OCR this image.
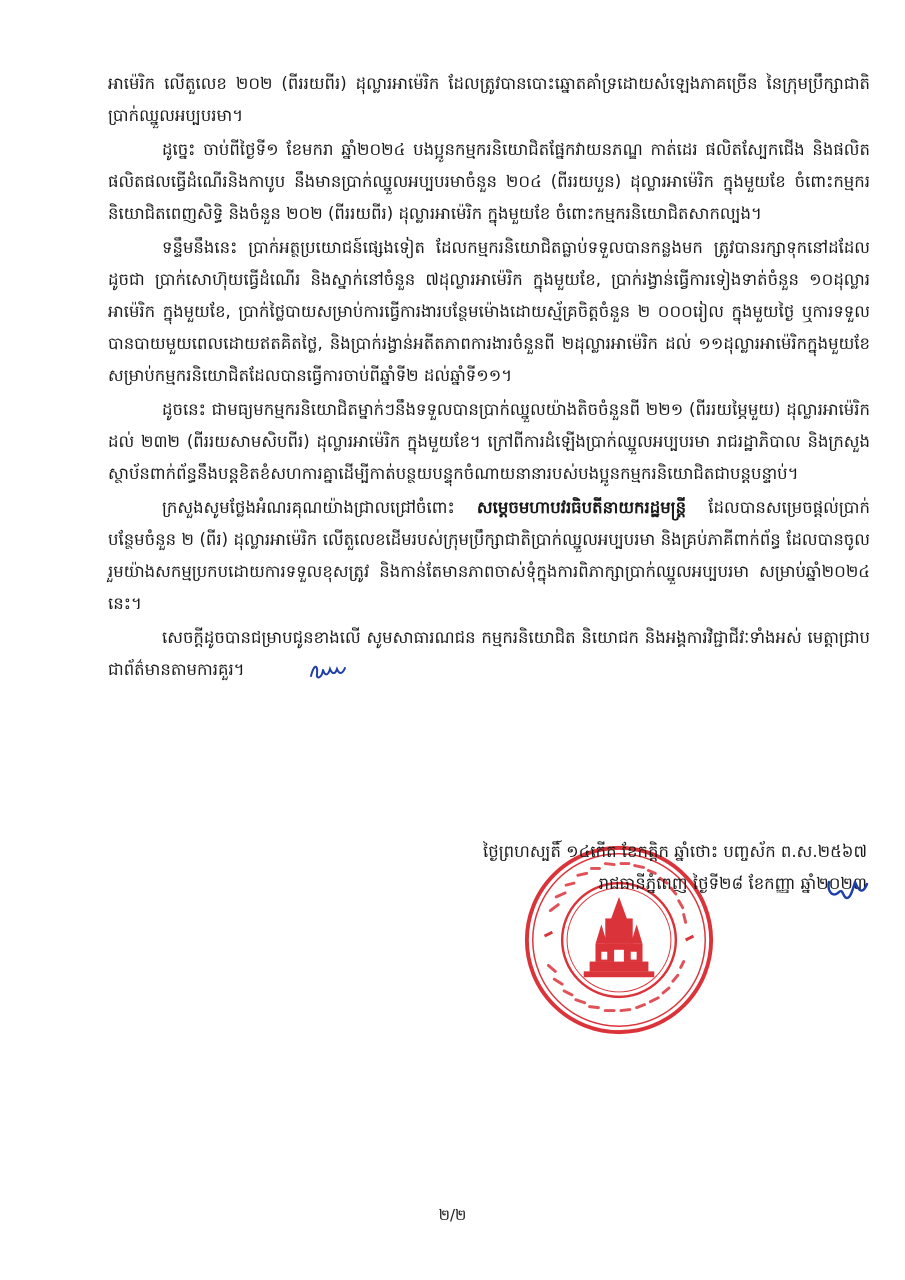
អាម៉េរិក លើតួលេខ ២០២ (ពីររយពីរ) ដុល្លារអាម៉េរិក ដែលត្រូវបានបោះឆ្នោតគាំទ្រដោយសំឡេងភាគច្រើន នៃក្រុមប្រឹក្សាជាតិប្រាក់ឈ្នួលអប្បបរមា។

ដូច្នេះ ចាប់ពីថ្ងៃទី១ ខែមករា ឆ្នាំ២០២៤ បងប្អូនកម្មករនិយោជិតផ្នែកវាយនភណ្ឌ កាត់ដេរ ផលិតស្បែកជើង និងផលិតផលិតផលធ្វើដំណើរនិងកាបូប នឹងមានប្រាក់ឈ្នួលអប្បបរមាចំនួន ២០៤ (ពីររយបួន) ដុល្លារអាម៉េរិក ក្នុងមួយខែ ចំពោះកម្មករនិយោជិតពេញសិទ្ធិ និងចំនួន ២០២ (ពីររយពីរ) ដុល្លារអាម៉េរិក ក្នុងមួយខែ ចំពោះកម្មករនិយោជិតសាកល្បង។

ទន្ទឹមនឹងនេះ ប្រាក់អត្ថប្រយោជន៍ផ្សេងទៀត ដែលកម្មករនិយោជិតធ្លាប់ទទួលបានកន្លងមក ត្រូវបានរក្សាទុកនៅដដែល ដូចជា ប្រាក់សោហ៊ុយធ្វើដំណើរ និងស្នាក់នៅចំនួន ៧ដុល្លារអាម៉េរិក ក្នុងមួយខែ, ប្រាក់រង្វាន់ធ្វើការទៀងទាត់ចំនួន ១០ដុល្លារអាម៉េរិក ក្នុងមួយខែ, ប្រាក់ថ្លៃបាយសម្រាប់ការធ្វើការងារបន្ថែមម៉ោងដោយស្ម័គ្រចិត្តចំនួន ២ ០០០រៀល ក្នុងមួយថ្ងៃ ឬការទទួលបានបាយមួយពេលដោយឥតគិតថ្លៃ, និងប្រាក់រង្វាន់អតីតភាពការងារចំនួនពី ២ដុល្លារអាម៉េរិក ដល់ ១១ដុល្លារអាម៉េរិកក្នុងមួយខែ សម្រាប់កម្មករនិយោជិតដែលបានធ្វើការចាប់ពីឆ្នាំទី២ ដល់ឆ្នាំទី១១។

ដូចនេះ ជាមធ្យមកម្មករនិយោជិតម្នាក់ៗនឹងទទួលបានប្រាក់ឈ្នួលយ៉ាងតិចចំនួនពី ២២១ (ពីររយម្ភៃមួយ) ដុល្លារអាម៉េរិក ដល់ ២៣២ (ពីររយសាមសិបពីរ) ដុល្លារអាម៉េរិក ក្នុងមួយខែ។ ក្រៅពីការដំឡើងប្រាក់ឈ្នួលអប្បបរមា រាជរដ្ឋាភិបាល និងក្រសួង ស្ថាប័នពាក់ព័ន្ធនឹងបន្តខិតខំសហការគ្នាដើម្បីកាត់បន្ថយបន្ទុកចំណាយនានារបស់បងប្អូនកម្មករនិយោជិតជាបន្តបន្ទាប់។

ក្រសួងសូមថ្លែងអំណរគុណយ៉ាងជ្រាលជ្រៅចំពោះ សម្តេចមហាបវរធិបតីនាយករដ្ឋមន្ត្រី ដែលបានសម្រេចផ្តល់ប្រាក់បន្ថែមចំនួន ២ (ពីរ) ដុល្លារអាម៉េរិក លើតួលេខដើមរបស់ក្រុមប្រឹក្សាជាតិប្រាក់ឈ្នួលអប្បបរមា និងគ្រប់ភាគីពាក់ព័ន្ធ ដែលបានចូលរួមយ៉ាងសកម្មប្រកបដោយការទទួលខុសត្រូវ និងកាន់តែមានភាពចាស់ទុំក្នុងការពិភាក្សាប្រាក់ឈ្នួលអប្បបរមា សម្រាប់ឆ្នាំ២០២៤ នេះ។

សេចក្តីដូចបានជម្រាបជូនខាងលើ សូមសាធារណជន កម្មករនិយោជិត និយោជក និងអង្គការវិជ្ជាជីវៈទាំងអស់ មេត្តាជ្រាបជាព័ត៌មានតាមការគួរ។

ថ្ងៃព្រហស្បតិ៍ ១៤កើត ខែកត្តិក ឆ្នាំថោះ បញ្ចស័ក ព.ស.២៥៦៧
រាជធានីភ្នំពេញ ថ្ងៃទី២៨ ខែកញ្ញា ឆ្នាំ២០២៣
២/២
